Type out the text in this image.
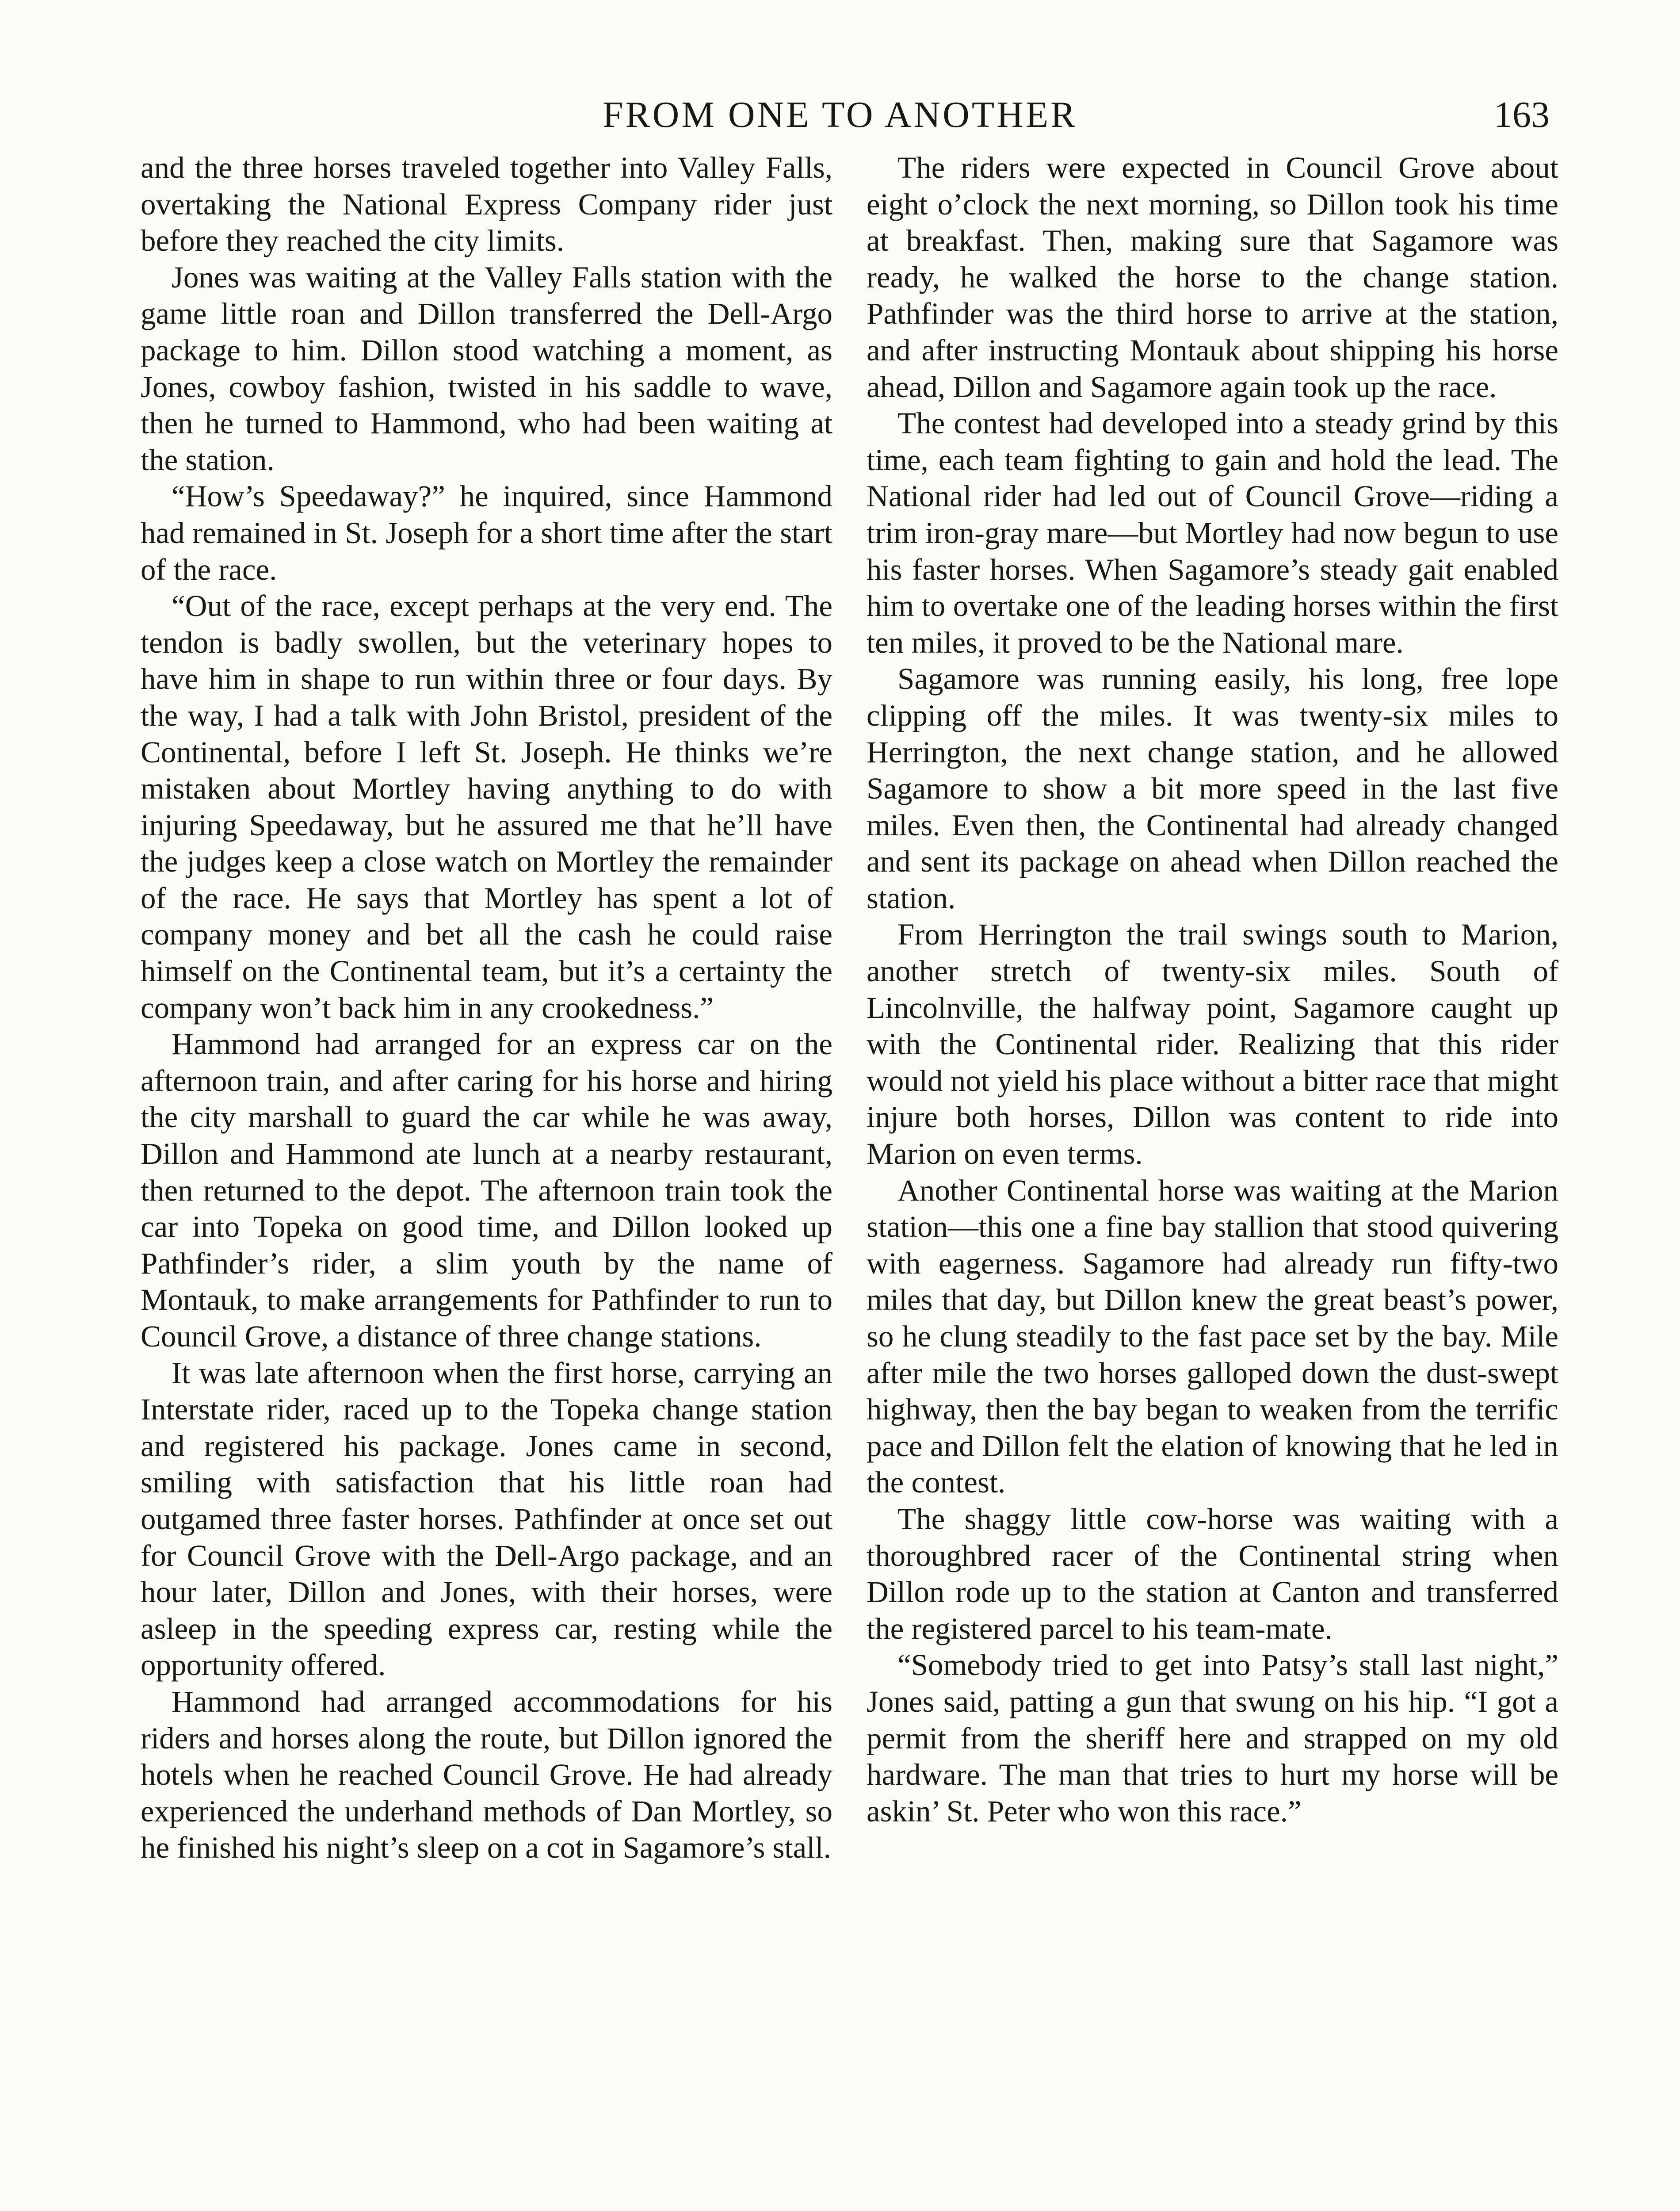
FROM ONE TO ANOTHER	163

and the three horses traveled together into Valley Falls, overtaking the National Express Company rider just before they reached the city limits.

Jones was waiting at the Valley Falls station with the game little roan and Dillon transferred the Dell-Argo package to him. Dillon stood watching a moment, as Jones, cowboy fashion, twisted in his saddle to wave, then he turned to Hammond, who had been waiting at the station.

“How’s Speedaway?” he inquired, since Hammond had remained in St. Joseph for a short time after the start of the race.

“Out of the race, except perhaps at the very end. The tendon is badly swollen, but the veterinary hopes to have him in shape to run within three or four days. By the way, I had a talk with John Bristol, president of the Continental, before I left St. Joseph. He thinks we’re mistaken about Mortley having anything to do with injuring Speedaway, but he assured me that he’ll have the judges keep a close watch on Mortley the remainder of the race. He says that Mortley has spent a lot of company money and bet all the cash he could raise himself on the Continental team, but it’s a certainty the company won’t back him in any crookedness.”

Hammond had arranged for an express car on the afternoon train, and after caring for his horse and hiring the city marshall to guard the car while he was away, Dillon and Hammond ate lunch at a nearby restaurant, then returned to the depot. The afternoon train took the car into Topeka on good time, and Dillon looked up Pathfinder’s rider, a slim youth by the name of Montauk, to make arrangements for Pathfinder to run to Council Grove, a distance of three change stations.

It was late afternoon when the first horse, carrying an Interstate rider, raced up to the Topeka change station and registered his package. Jones came in second, smiling with satisfaction that his little roan had outgamed three faster horses. Pathfinder at once set out for Council Grove with the Dell-Argo package, and an hour later, Dillon and Jones, with their horses, were asleep in the speeding express car, resting while the opportunity offered.

Hammond had arranged accommodations for his riders and horses along the route, but Dillon ignored the hotels when he reached Council Grove. He had already experienced the underhand methods of Dan Mortley, so he finished his night’s sleep on a cot in Sagamore’s stall.

The riders were expected in Council Grove about eight o’clock the next morning, so Dillon took his time at breakfast. Then, making sure that Sagamore was ready, he walked the horse to the change station. Pathfinder was the third horse to arrive at the station, and after instructing Montauk about shipping his horse ahead, Dillon and Sagamore again took up the race.

The contest had developed into a steady grind by this time, each team fighting to gain and hold the lead. The National rider had led out of Council Grove—riding a trim iron-gray mare—but Mortley had now begun to use his faster horses. When Sagamore’s steady gait enabled him to overtake one of the leading horses within the first ten miles, it proved to be the National mare.

Sagamore was running easily, his long, free lope clipping off the miles. It was twenty-six miles to Herrington, the next change station, and he allowed Sagamore to show a bit more speed in the last five miles. Even then, the Continental had already changed and sent its package on ahead when Dillon reached the station.

From Herrington the trail swings south to Marion, another stretch of twenty-six miles. South of Lincolnville, the halfway point, Sagamore caught up with the Continental rider. Realizing that this rider would not yield his place without a bitter race that might injure both horses, Dillon was content to ride into Marion on even terms.

Another Continental horse was waiting at the Marion station—this one a fine bay stallion that stood quivering with eagerness. Sagamore had already run fifty-two miles that day, but Dillon knew the great beast’s power, so he clung steadily to the fast pace set by the bay. Mile after mile the two horses galloped down the dust-swept highway, then the bay began to weaken from the terrific pace and Dillon felt the elation of knowing that he led in the contest.

The shaggy little cow-horse was waiting with a thoroughbred racer of the Continental string when Dillon rode up to the station at Canton and transferred the registered parcel to his team-mate.

“Somebody tried to get into Patsy’s stall last night,” Jones said, patting a gun that swung on his hip. “I got a permit from the sheriff here and strapped on my old hardware. The man that tries to hurt my horse will be askin’ St. Peter who won this race.”
